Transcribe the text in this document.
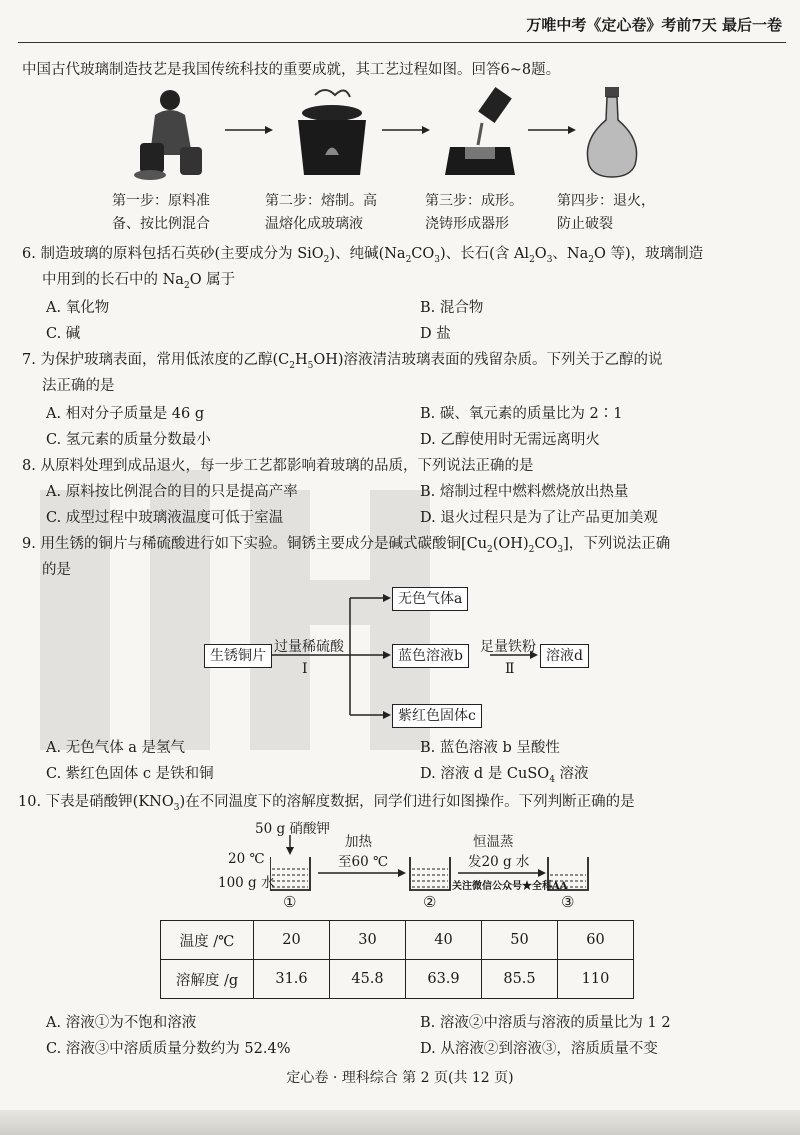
万唯中考《定心卷》考前7天 最后一卷
中国古代玻璃制造技艺是我国传统科技的重要成就，其工艺过程如图。回答6~8题。
第一步：原料准
备、按比例混合
第二步：熔制。高
温熔化成玻璃液
第三步：成形。
浇铸形成器形
第四步：退火，
防止破裂
6. 制造玻璃的原料包括石英砂(主要成分为 SiO$_2$)、纯碱$(Na_2CO_3)$、长石(含 $Al_2O_3$、$Na_2O$ 等)，玻璃制造
中用到的长石中的 $Na_2O$ 属于
A. 氧化物	B. 混合物
C. 碱	D 盐
7. 为保护玻璃表面，常用低浓度的乙醇$(C_2H_5OH)$溶液清洁玻璃表面的残留杂质。下列关于乙醇的说
法正确的是
A. 相对分子质量是 46 g	B. 碳、氧元素的质量比为 2∶1
C. 氢元素的质量分数最小	D. 乙醇使用时无需远离明火
8. 从原料处理到成品退火，每一步工艺都影响着玻璃的品质，下列说法正确的是
A. 原料按比例混合的目的只是提高产率	B. 熔制过程中燃料燃烧放出热量
C. 成型过程中玻璃液温度可低于室温	D. 退火过程只是为了让产品更加美观
9. 用生锈的铜片与稀硫酸进行如下实验。铜锈主要成分是碱式碳酸铜$[Cu_2(OH)_2CO_3]$，下列说法正确
的是
生锈铜片
过量稀硫酸
Ⅰ
无色气体a
蓝色溶液b
足量铁粉
Ⅱ
溶液d
紫红色固体c
A. 无色气体 a 是氢气	B. 蓝色溶液 b 呈酸性
C. 紫红色固体 c 是铁和铜	D. 溶液 d 是 CuSO$_4$ 溶液
10. 下表是硝酸钾$(KNO_3)$在不同温度下的溶解度数据，同学们进行如图操作。下列判断正确的是
50 g 硝酸钾
20 ℃
100 g 水
加热
至60 ℃
恒温蒸
发20 g 水
关注微信公众号★全科AA
①	②	③
温度 /℃	20	30	40	50	60
溶解度 /g	31.6	45.8	63.9	85.5	110
A. 溶液①为不饱和溶液	B. 溶液②中溶质与溶液的质量比为 1 2
C. 溶液③中溶质质量分数约为 52.4%	D. 从溶液②到溶液③，溶质质量不变
定心卷 · 理科综合 第 2 页(共 12 页)
